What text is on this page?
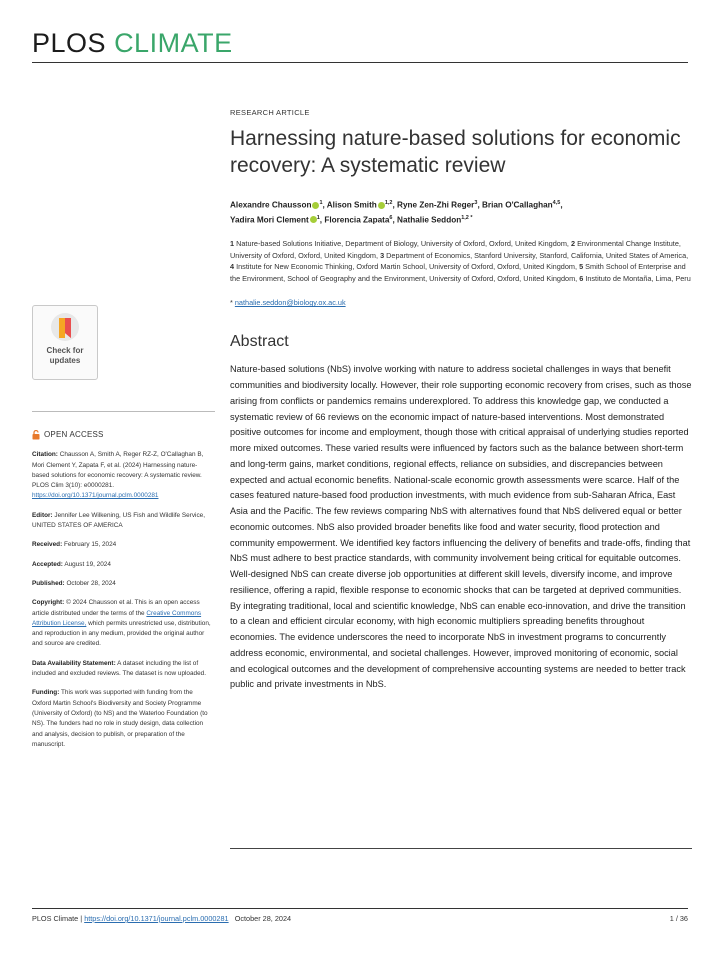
PLOS CLIMATE
RESEARCH ARTICLE
Harnessing nature-based solutions for economic recovery: A systematic review
Alexandre Chausson $^1$, Alison Smith $^{1,2}$, Ryne Zen-Zhi Reger$^3$, Brian O'Callaghan$^{4,5}$,
Yadira Mori Clement $^1$, Florencia Zapata$^6$, Nathalie Seddon$^{1,2 *}$
1 Nature-based Solutions Initiative, Department of Biology, University of Oxford, Oxford, United Kingdom, 2 Environmental Change Institute, University of Oxford, Oxford, United Kingdom, 3 Department of Economics, Stanford University, Stanford, California, United States of America, 4 Institute for New Economic Thinking, Oxford Martin School, University of Oxford, Oxford, United Kingdom, 5 Smith School of Enterprise and the Environment, School of Geography and the Environment, University of Oxford, Oxford, United Kingdom, 6 Instituto de Montaña, Lima, Peru
* nathalie.seddon@biology.ox.ac.uk
Abstract
Nature-based solutions (NbS) involve working with nature to address societal challenges in ways that benefit communities and biodiversity locally. However, their role supporting economic recovery from crises, such as those arising from conflicts or pandemics remains underexplored. To address this knowledge gap, we conducted a systematic review of 66 reviews on the economic impact of nature-based interventions. Most demonstrated positive outcomes for income and employment, though those with critical appraisal of underlying studies reported more mixed outcomes. These varied results were influenced by factors such as the balance between short-term and long-term gains, market conditions, regional effects, reliance on subsidies, and discrepancies between expected and actual economic benefits. National-scale economic growth assessments were scarce. Half of the cases featured nature-based food production investments, with much evidence from sub-Saharan Africa, East Asia and the Pacific. The few reviews comparing NbS with alternatives found that NbS delivered equal or better economic outcomes. NbS also provided broader benefits like food and water security, flood protection and community empowerment. We identified key factors influencing the delivery of benefits and trade-offs, finding that NbS must adhere to best practice standards, with community involvement being critical for equitable outcomes. Well-designed NbS can create diverse job opportunities at different skill levels, diversify income, and improve resilience, offering a rapid, flexible response to economic shocks that can be targeted at deprived communities. By integrating traditional, local and scientific knowledge, NbS can enable eco-innovation, and drive the transition to a clean and efficient circular economy, with high economic multipliers spreading benefits throughout economies. The evidence underscores the need to incorporate NbS in investment programs to concurrently address economic, environmental, and societal challenges. However, improved monitoring of economic, social and ecological outcomes and the development of comprehensive accounting systems are needed to better track public and private investments in NbS.
Check for
updates
OPEN ACCESS
Citation: Chausson A, Smith A, Reger RZ-Z, O'Callaghan B, Mori Clement Y, Zapata F, et al. (2024) Harnessing nature-based solutions for economic recovery: A systematic review. PLOS Clim 3(10): e0000281. https://doi.org/10.1371/journal.pclm.0000281
Editor: Jennifer Lee Wilkening, US Fish and Wildlife Service, UNITED STATES OF AMERICA
Received: February 15, 2024
Accepted: August 19, 2024
Published: October 28, 2024
Copyright: © 2024 Chausson et al. This is an open access article distributed under the terms of the Creative Commons Attribution License, which permits unrestricted use, distribution, and reproduction in any medium, provided the original author and source are credited.
Data Availability Statement: A dataset including the list of included and excluded reviews. The dataset is now uploaded.
Funding: This work was supported with funding from the Oxford Martin School's Biodiversity and Society Programme (University of Oxford) (to NS) and the Waterloo Foundation (to NS). The funders had no role in study design, data collection and analysis, decision to publish, or preparation of the manuscript.
PLOS Climate | https://doi.org/10.1371/journal.pclm.0000281 October 28, 2024	1 / 36
